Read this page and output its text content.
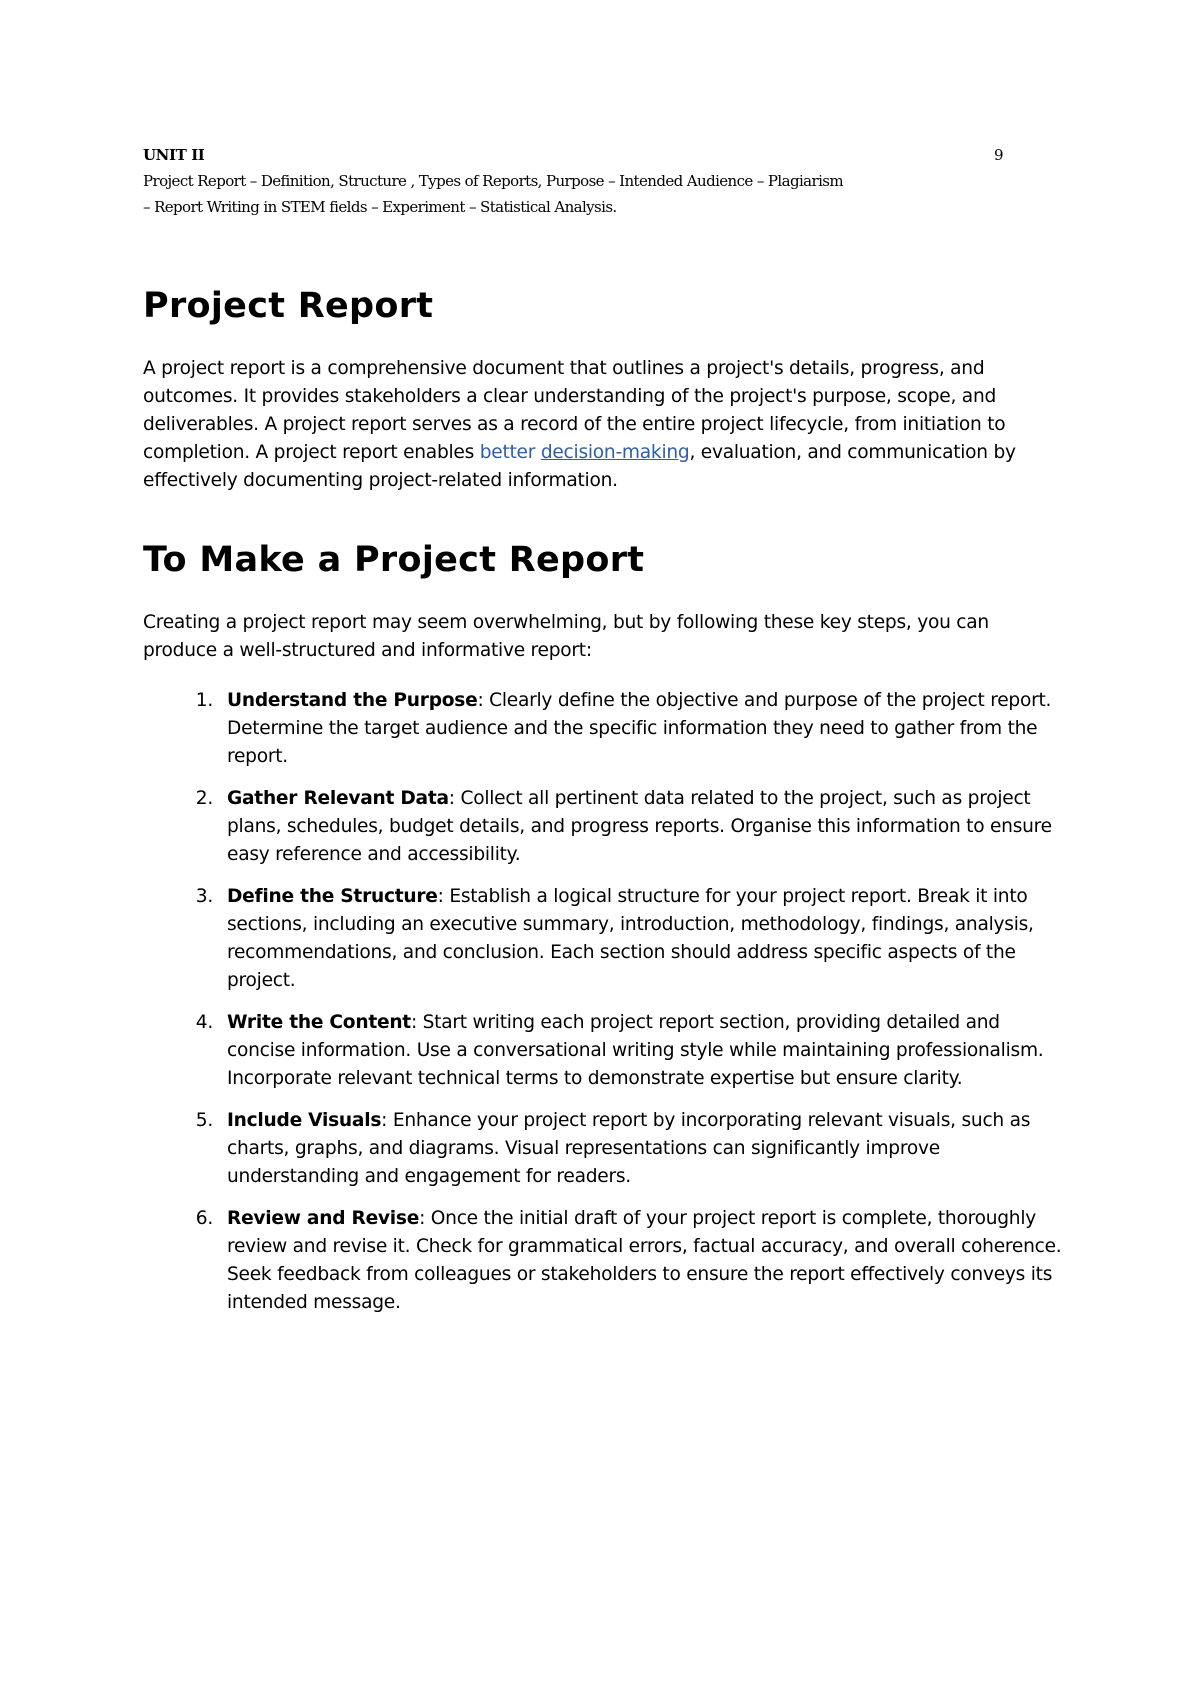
UNIT II	9
Project Report – Definition, Structure , Types of Reports, Purpose – Intended Audience – Plagiarism
– Report Writing in STEM fields – Experiment – Statistical Analysis.
Project Report

A project report is a comprehensive document that outlines a project's details, progress, and outcomes. It provides stakeholders a clear understanding of the project's purpose, scope, and deliverables. A project report serves as a record of the entire project lifecycle, from initiation to completion. A project report enables better decision-making, evaluation, and communication by effectively documenting project-related information.

To Make a Project Report

Creating a project report may seem overwhelming, but by following these key steps, you can produce a well-structured and informative report:

1. Understand the Purpose: Clearly define the objective and purpose of the project report. Determine the target audience and the specific information they need to gather from the report.
2. Gather Relevant Data: Collect all pertinent data related to the project, such as project plans, schedules, budget details, and progress reports. Organise this information to ensure easy reference and accessibility.
3. Define the Structure: Establish a logical structure for your project report. Break it into sections, including an executive summary, introduction, methodology, findings, analysis, recommendations, and conclusion. Each section should address specific aspects of the project.
4. Write the Content: Start writing each project report section, providing detailed and concise information. Use a conversational writing style while maintaining professionalism. Incorporate relevant technical terms to demonstrate expertise but ensure clarity.
5. Include Visuals: Enhance your project report by incorporating relevant visuals, such as charts, graphs, and diagrams. Visual representations can significantly improve understanding and engagement for readers.
6. Review and Revise: Once the initial draft of your project report is complete, thoroughly review and revise it. Check for grammatical errors, factual accuracy, and overall coherence. Seek feedback from colleagues or stakeholders to ensure the report effectively conveys its intended message.
